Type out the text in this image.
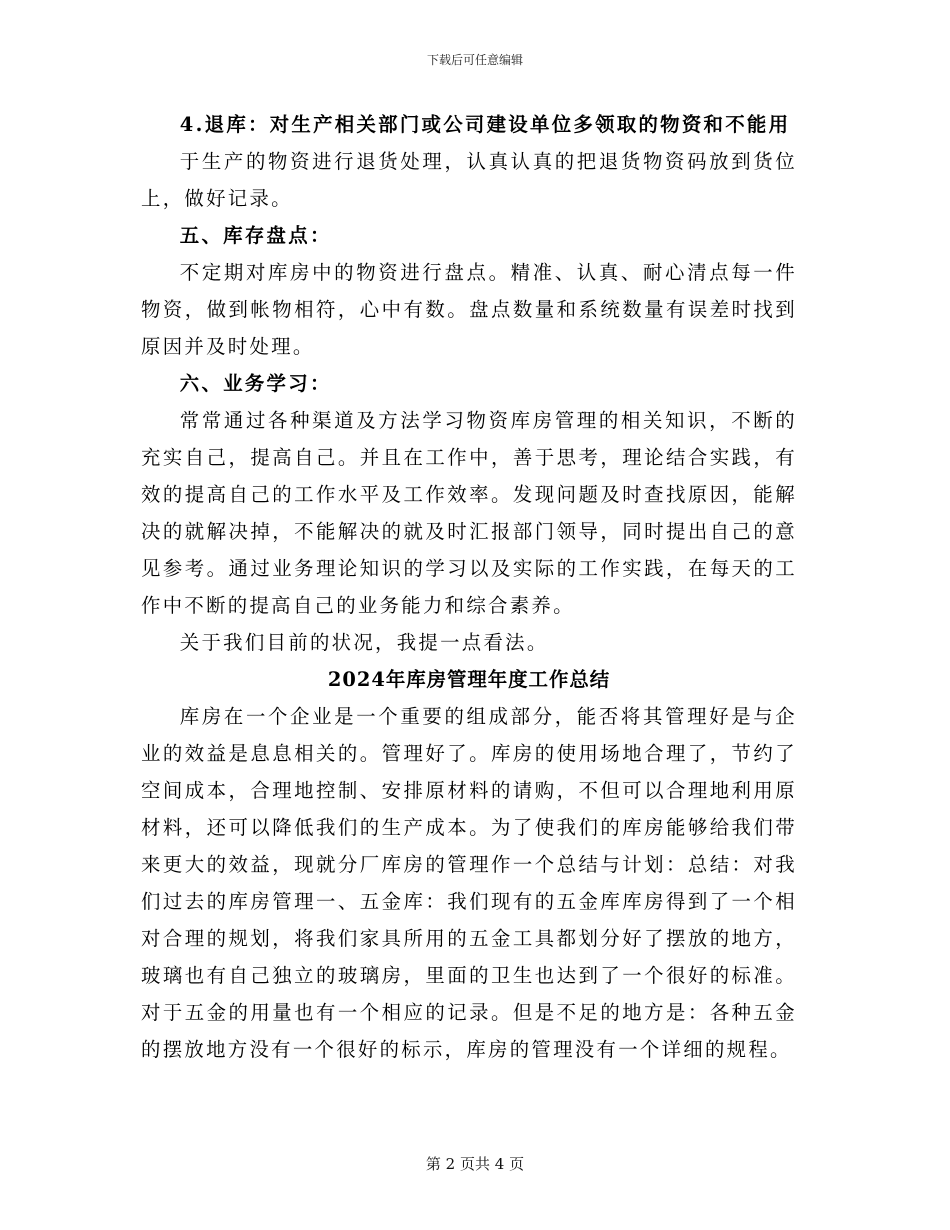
下载后可任意编辑

4.退库：对生产相关部门或公司建设单位多领取的物资和不能用

于生产的物资进行退货处理，认真认真的把退货物资码放到货位上，做好记录。

五、库存盘点：

不定期对库房中的物资进行盘点。精准、认真、耐心清点每一件物资，做到帐物相符，心中有数。盘点数量和系统数量有误差时找到原因并及时处理。

六、业务学习：

常常通过各种渠道及方法学习物资库房管理的相关知识，不断的充实自己，提高自己。并且在工作中，善于思考，理论结合实践，有效的提高自己的工作水平及工作效率。发现问题及时查找原因，能解决的就解决掉，不能解决的就及时汇报部门领导，同时提出自己的意见参考。通过业务理论知识的学习以及实际的工作实践，在每天的工作中不断的提高自己的业务能力和综合素养。

关于我们目前的状况，我提一点看法。

2024年库房管理年度工作总结

库房在一个企业是一个重要的组成部分，能否将其管理好是与企业的效益是息息相关的。管理好了。库房的使用场地合理了，节约了空间成本，合理地控制、安排原材料的请购，不但可以合理地利用原材料，还可以降低我们的生产成本。为了使我们的库房能够给我们带来更大的效益，现就分厂库房的管理作一个总结与计划：总结：对我们过去的库房管理一、五金库：我们现有的五金库库房得到了一个相对合理的规划，将我们家具所用的五金工具都划分好了摆放的地方，玻璃也有自己独立的玻璃房，里面的卫生也达到了一个很好的标准。对于五金的用量也有一个相应的记录。但是不足的地方是：各种五金的摆放地方没有一个很好的标示，库房的管理没有一个详细的规程。

第 2 页共 4 页
